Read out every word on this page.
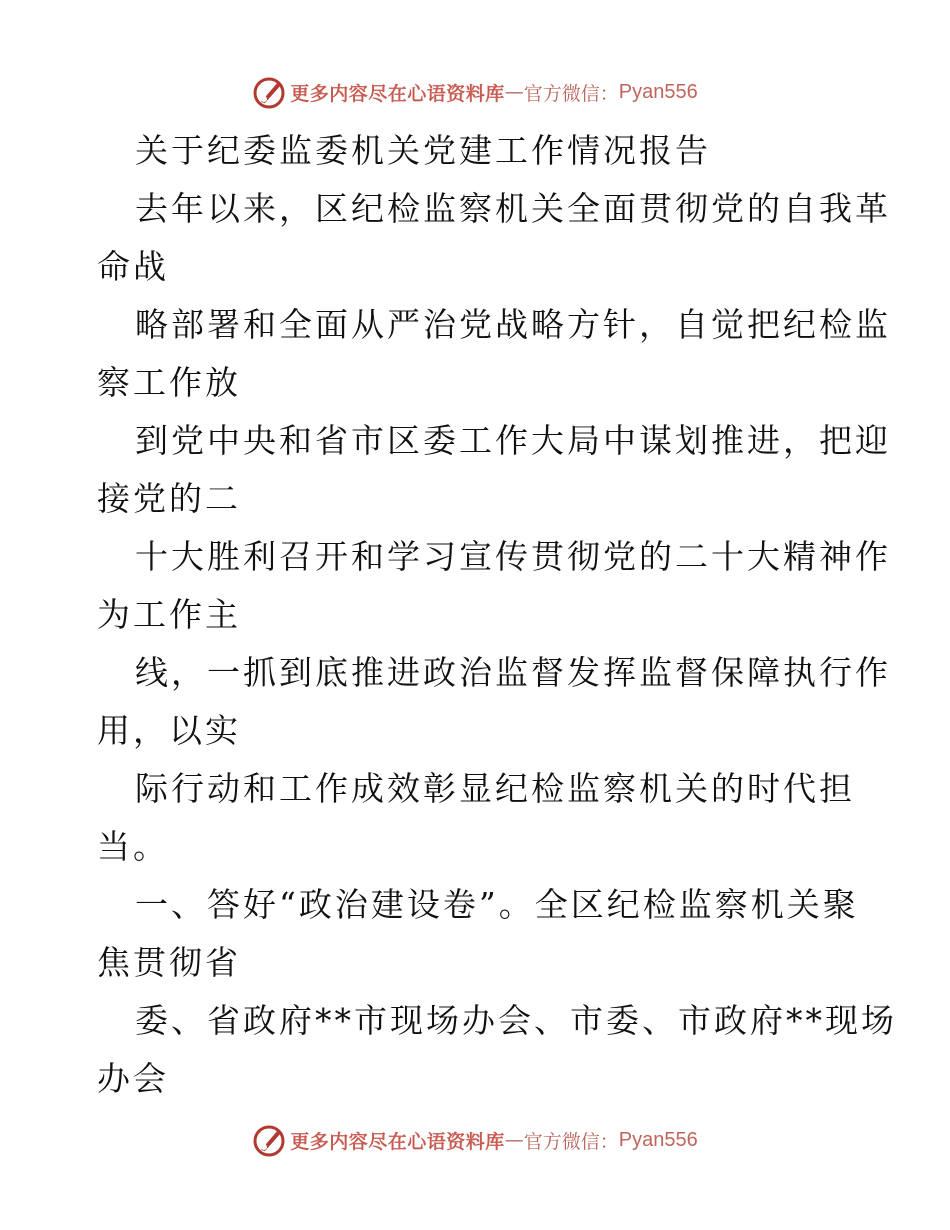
更多内容尽在心语资料库 — 官方微信： Pyan556
关于纪委监委机关党建工作情况报告
去年以来，区纪检监察机关全面贯彻党的自我革
命战
略部署和全面从严治党战略方针，自觉把纪检监
察工作放
到党中央和省市区委工作大局中谋划推进，把迎
接党的二
十大胜利召开和学习宣传贯彻党的二十大精神作
为工作主
线，一抓到底推进政治监督发挥监督保障执行作
用，以实
际行动和工作成效彰显纪检监察机关的时代担
当。
一、答好“政治建设卷”。全区纪检监察机关聚
焦贯彻省
委、省政府**市现场办会、市委、市政府**现场
办会
更多内容尽在心语资料库 — 官方微信： Pyan556
